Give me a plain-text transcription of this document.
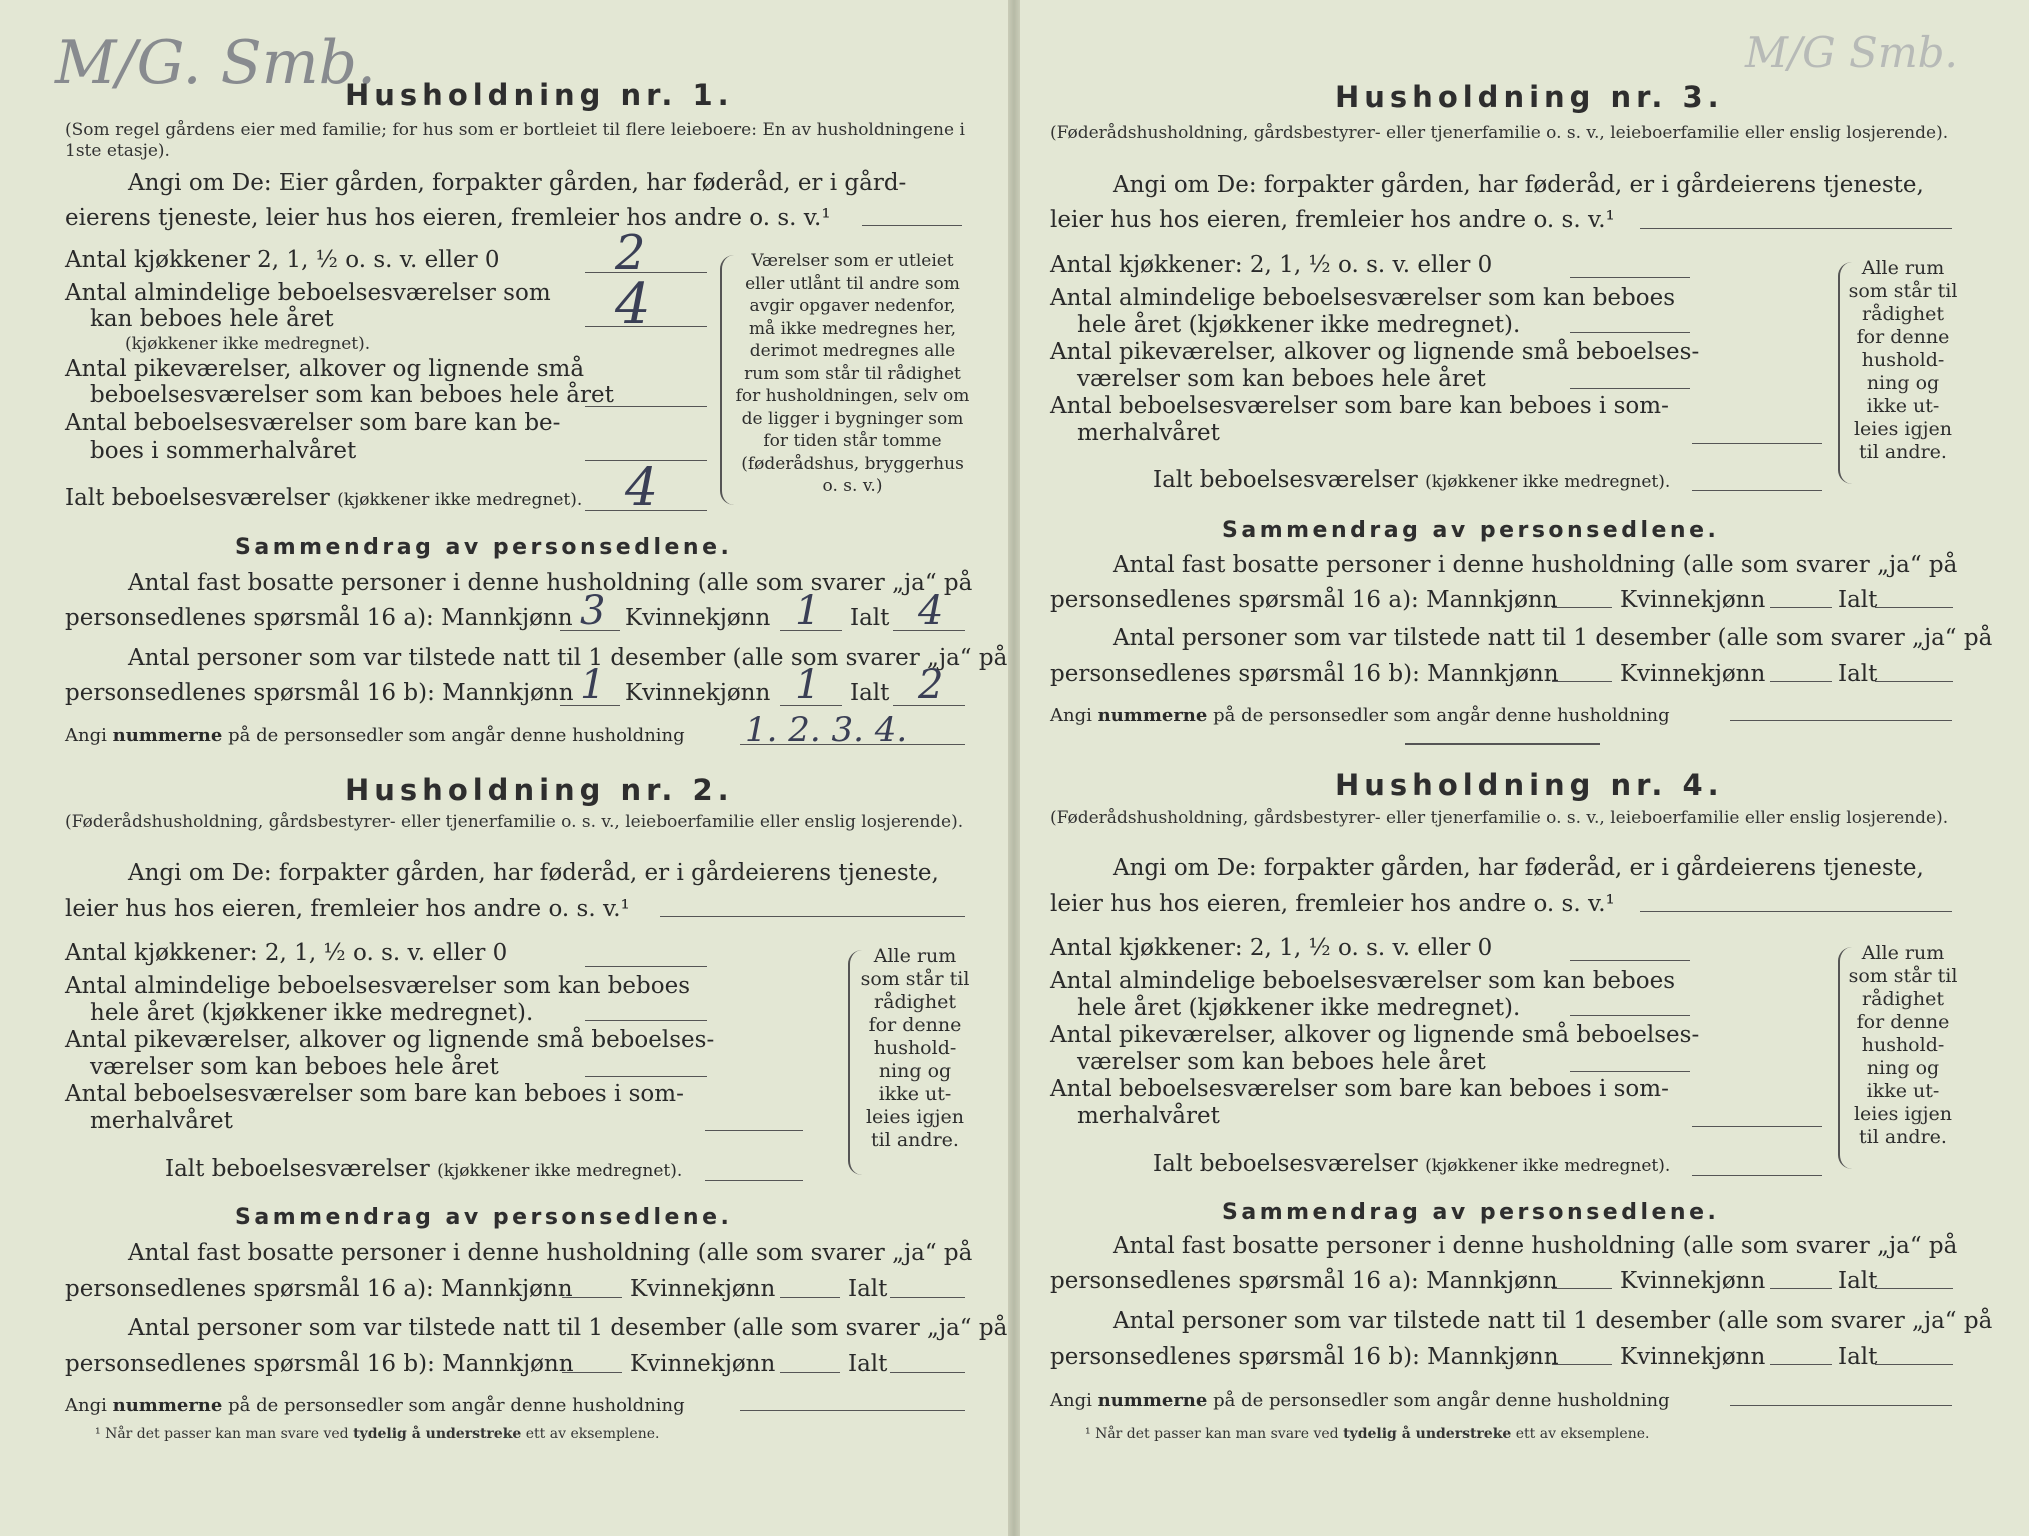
M/G. Smb.
Husholdning nr. 1.
(Som regel gårdens eier med familie; for hus som er bortleiet til flere leieboere: En av husholdningene i 1ste etasje).
Angi om De: Eier gården, forpakter gården, har føderåd, er i gård-
eierens tjeneste, leier hus hos eieren, fremleier hos andre o. s. v.¹
Antal kjøkkener 2, 1, ½ o. s. v. eller 0 2
Antal almindelige beboelsesværelser som
kan beboes hele året
(kjøkkener ikke medregnet).
4
Antal pikeværelser, alkover og lignende små
beboelsesværelser som kan beboes hele året
Antal beboelsesværelser som bare kan be-
boes i sommerhalvåret
Ialt beboelsesværelser (kjøkkener ikke medregnet). 4
Værelser som er utleiet eller utlånt til andre som avgir opgaver nedenfor, må ikke medregnes her, derimot medregnes alle rum som står til rådighet for husholdningen, selv om de ligger i bygninger som for tiden står tomme (føderådshus, bryggerhus o. s. v.)
Sammendrag av personsedlene.
Antal fast bosatte personer i denne husholdning (alle som svarer „ja“ på
personsedlenes spørsmål 16 a): Mannkjønn 3 Kvinnekjønn 1 Ialt 4
Antal personer som var tilstede natt til 1 desember (alle som svarer „ja“ på
personsedlenes spørsmål 16 b): Mannkjønn 1 Kvinnekjønn 1 Ialt 2
Angi nummerne på de personsedler som angår denne husholdning 1. 2. 3. 4.
Husholdning nr. 2.
(Føderådshusholdning, gårdsbestyrer- eller tjenerfamilie o. s. v., leieboerfamilie eller enslig losjerende).
Angi om De: forpakter gården, har føderåd, er i gårdeierens tjeneste,
leier hus hos eieren, fremleier hos andre o. s. v.¹
Antal kjøkkener: 2, 1, ½ o. s. v. eller 0
Antal almindelige beboelsesværelser som kan beboes
hele året (kjøkkener ikke medregnet).
Antal pikeværelser, alkover og lignende små beboelses-
værelser som kan beboes hele året
Antal beboelsesværelser som bare kan beboes i som-
merhalvåret
Ialt beboelsesværelser (kjøkkener ikke medregnet).
Alle rum som står til rådighet for denne hushold-ning og ikke ut-leies igjen til andre.
Sammendrag av personsedlene.
Antal fast bosatte personer i denne husholdning (alle som svarer „ja“ på
personsedlenes spørsmål 16 a): Mannkjønn Kvinnekjønn	Ialt
Antal personer som var tilstede natt til 1 desember (alle som svarer „ja“ på
personsedlenes spørsmål 16 b): Mannkjønn Kvinnekjønn	Ialt
Angi nummerne på de personsedler som angår denne husholdning
¹ Når det passer kan man svare ved tydelig å understreke ett av eksemplene.
M/G Smb.
Husholdning nr. 3.
(Føderådshusholdning, gårdsbestyrer- eller tjenerfamilie o. s. v., leieboerfamilie eller enslig losjerende).
Angi om De: forpakter gården, har føderåd, er i gårdeierens tjeneste,
leier hus hos eieren, fremleier hos andre o. s. v.¹
Antal kjøkkener: 2, 1, ½ o. s. v. eller 0
Antal almindelige beboelsesværelser som kan beboes
hele året (kjøkkener ikke medregnet).
Antal pikeværelser, alkover og lignende små beboelses-
værelser som kan beboes hele året
Antal beboelsesværelser som bare kan beboes i som-
merhalvåret
Ialt beboelsesværelser (kjøkkener ikke medregnet).
Alle rum som står til rådighet for denne hushold-ning og ikke ut-leies igjen til andre.
Sammendrag av personsedlene.
Antal fast bosatte personer i denne husholdning (alle som svarer „ja“ på
personsedlenes spørsmål 16 a): Mannkjønn	Kvinnekjønn	Ialt
Antal personer som var tilstede natt til 1 desember (alle som svarer „ja“ på
personsedlenes spørsmål 16 b): Mannkjønn	Kvinnekjønn	Ialt
Angi nummerne på de personsedler som angår denne husholdning
Husholdning nr. 4.
(Føderådshusholdning, gårdsbestyrer- eller tjenerfamilie o. s. v., leieboerfamilie eller enslig losjerende).
Angi om De: forpakter gården, har føderåd, er i gårdeierens tjeneste,
leier hus hos eieren, fremleier hos andre o. s. v.¹
Antal kjøkkener: 2, 1, ½ o. s. v. eller 0
Antal almindelige beboelsesværelser som kan beboes
hele året (kjøkkener ikke medregnet).
Antal pikeværelser, alkover og lignende små beboelses-
værelser som kan beboes hele året
Antal beboelsesværelser som bare kan beboes i som-
merhalvåret
Ialt beboelsesværelser (kjøkkener ikke medregnet).
Alle rum som står til rådighet for denne hushold-ning og ikke ut-leies igjen til andre.
Sammendrag av personsedlene.
Antal fast bosatte personer i denne husholdning (alle som svarer „ja“ på
personsedlenes spørsmål 16 a): Mannkjønn	Kvinnekjønn	Ialt
Antal personer som var tilstede natt til 1 desember (alle som svarer „ja“ på
personsedlenes spørsmål 16 b): Mannkjønn	Kvinnekjønn	Ialt
Angi nummerne på de personsedler som angår denne husholdning
¹ Når det passer kan man svare ved tydelig å understreke ett av eksemplene.
